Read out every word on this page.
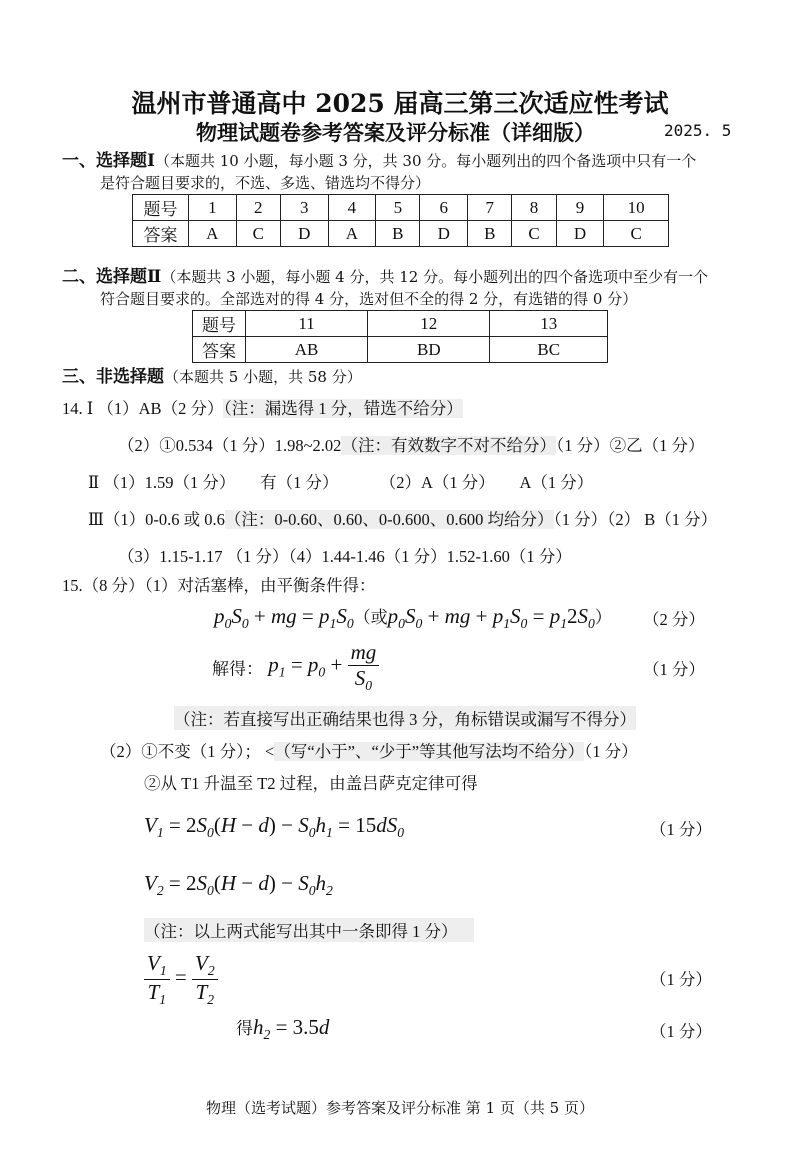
温州市普通高中 2025 届高三第三次适应性考试
物理试题卷参考答案及评分标准（详细版）	2025. 5
一、选择题Ⅰ（本题共 10 小题，每小题 3 分，共 30 分。每小题列出的四个备选项中只有一个
是符合题目要求的，不选、多选、错选均不得分）
题号	1	2	3	4	5	6	7	8	9	10
答案	A	C	D	A	B	D	B	C	D	C
二、选择题Ⅱ（本题共 3 小题，每小题 4 分，共 12 分。每小题列出的四个备选项中至少有一个
符合题目要求的。全部选对的得 4 分，选对但不全的得 2 分，有选错的得 0 分）
题号	11	12	13
答案	AB	BD	BC
三、非选择题（本题共 5 小题，共 58 分）
14. Ⅰ （1）AB（2 分）（注：漏选得 1 分，错选不给分）
（2）①0.534（1 分）1.98~2.02（注：有效数字不对不给分）（1 分）②乙（1 分）
Ⅱ （1）1.59（1 分）      有（1 分）          （2）A（1 分）      A（1 分）
Ⅲ（1）0-0.6 或 0.6（注：0-0.60、0.60、0-0.600、0.600 均给分）（1 分）（2） B（1 分）
（3）1.15-1.17 （1 分）（4）1.44-1.46（1 分）1.52-1.60（1 分）
15.（8 分）（1）对活塞棒，由平衡条件得：
$p_0S_0$ + mg = $p_1S_0$（或$p_0S_0$ + mg + $p_1S_0 = p_12S_0$） （2 分）
解得： $p_1 = p_0 + \frac{mg}{S_0}$	（1 分）
（注：若直接写出正确结果也得 3 分，角标错误或漏写不得分）
（2）①不变（1 分）； <（写“小于”、“少于”等其他写法均不给分）（1 分）
②从 T1 升温至 T2 过程，由盖吕萨克定律可得
$V_1 = 2S_0(H - d) - S_0h_1 = 15dS_0$	（1 分）
$V_2 = 2S_0(H - d) - S_0h_2$
（注：以上两式能写出其中一条即得 1 分）
$\frac{V_1}{T_1} = \frac{V_2}{T_2}$	（1 分）
得$h_2 = 3.5d$	（1 分）
物理（选考试题）参考答案及评分标准 第 1 页（共 5 页）
